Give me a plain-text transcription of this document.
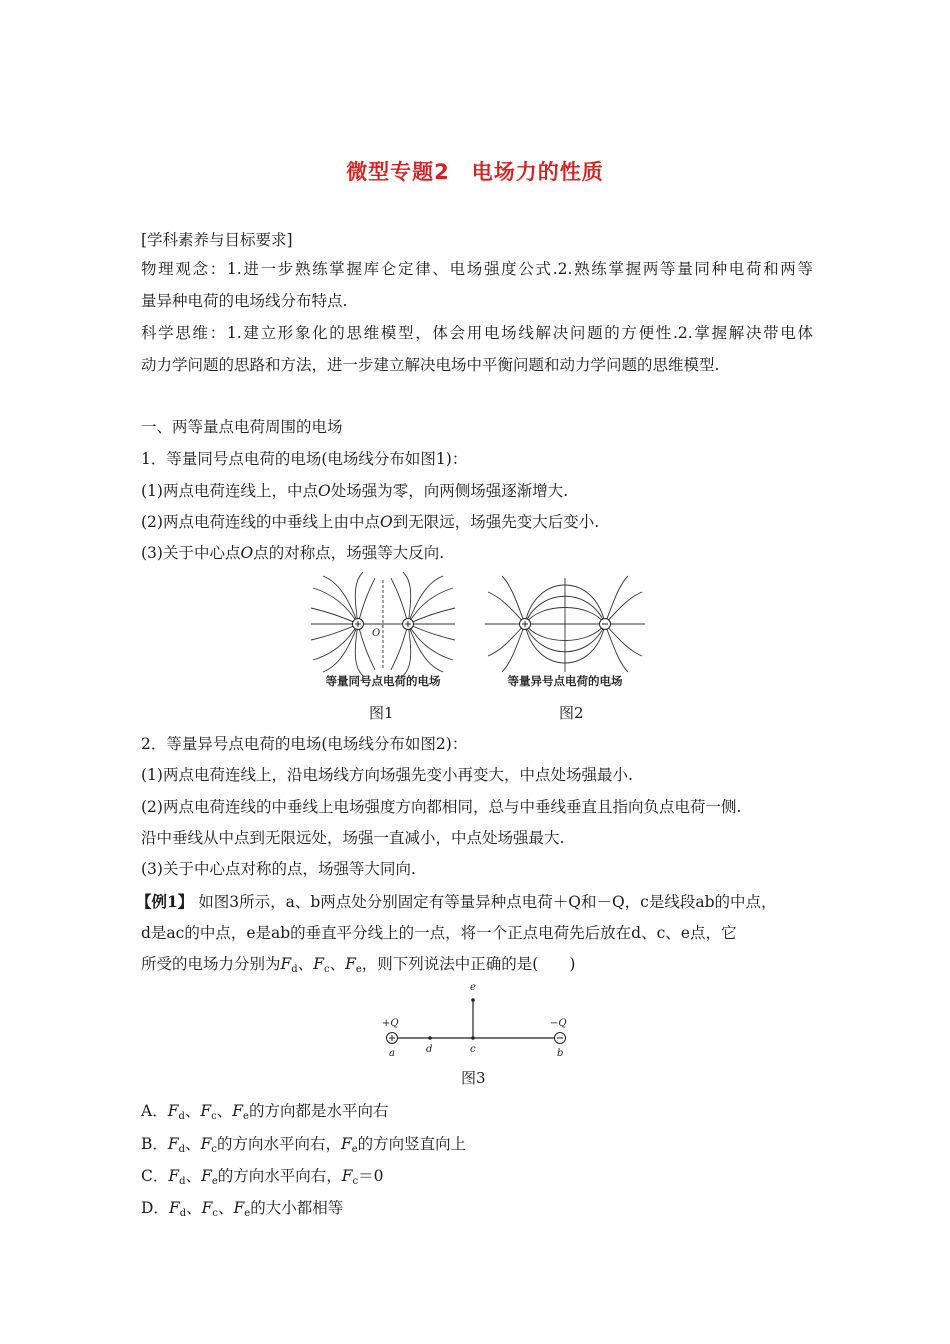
微型专题2　电场力的性质
[学科素养与目标要求]
物理观念：1.进一步熟练掌握库仑定律、电场强度公式.2.熟练掌握两等量同种电荷和两等
量异种电荷的电场线分布特点.
科学思维：1.建立形象化的思维模型，体会用电场线解决问题的方便性.2.掌握解决带电体
动力学问题的思路和方法，进一步建立解决电场中平衡问题和动力学问题的思维模型.
一、两等量点电荷周围的电场
1．等量同号点电荷的电场(电场线分布如图1)：
(1)两点电荷连线上，中点O处场强为零，向两侧场强逐渐增大.
(2)两点电荷连线的中垂线上由中点O到无限远，场强先变大后变小.
(3)关于中心点O点的对称点，场强等大反向.
O
等量同号点电荷的电场	等量异号点电荷的电场
图1	图2
2．等量异号点电荷的电场(电场线分布如图2)：
(1)两点电荷连线上，沿电场线方向场强先变小再变大，中点处场强最小.
(2)两点电荷连线的中垂线上电场强度方向都相同，总与中垂线垂直且指向负点电荷一侧.
沿中垂线从中点到无限远处，场强一直减小，中点处场强最大.
(3)关于中心点对称的点，场强等大同向.
【例1】 如图3所示，a、b两点处分别固定有等量异种点电荷＋Q和－Q，c是线段ab的中点，
d是ac的中点，e是ab的垂直平分线上的一点，将一个正点电荷先后放在d、c、e点，它
所受的电场力分别为$F_d$、$F_c$、$F_e$，则下列说法中正确的是(　　)
e
+Q	−Q
a	d	c	b
图3
A．$F_d$、$F_c$、$F_e$的方向都是水平向右
B．$F_d$、$F_c$的方向水平向右，$F_e$的方向竖直向上
C．$F_d$、$F_e$的方向水平向右，$F_c=0$
D．$F_d$、$F_c$、$F_e$的大小都相等
